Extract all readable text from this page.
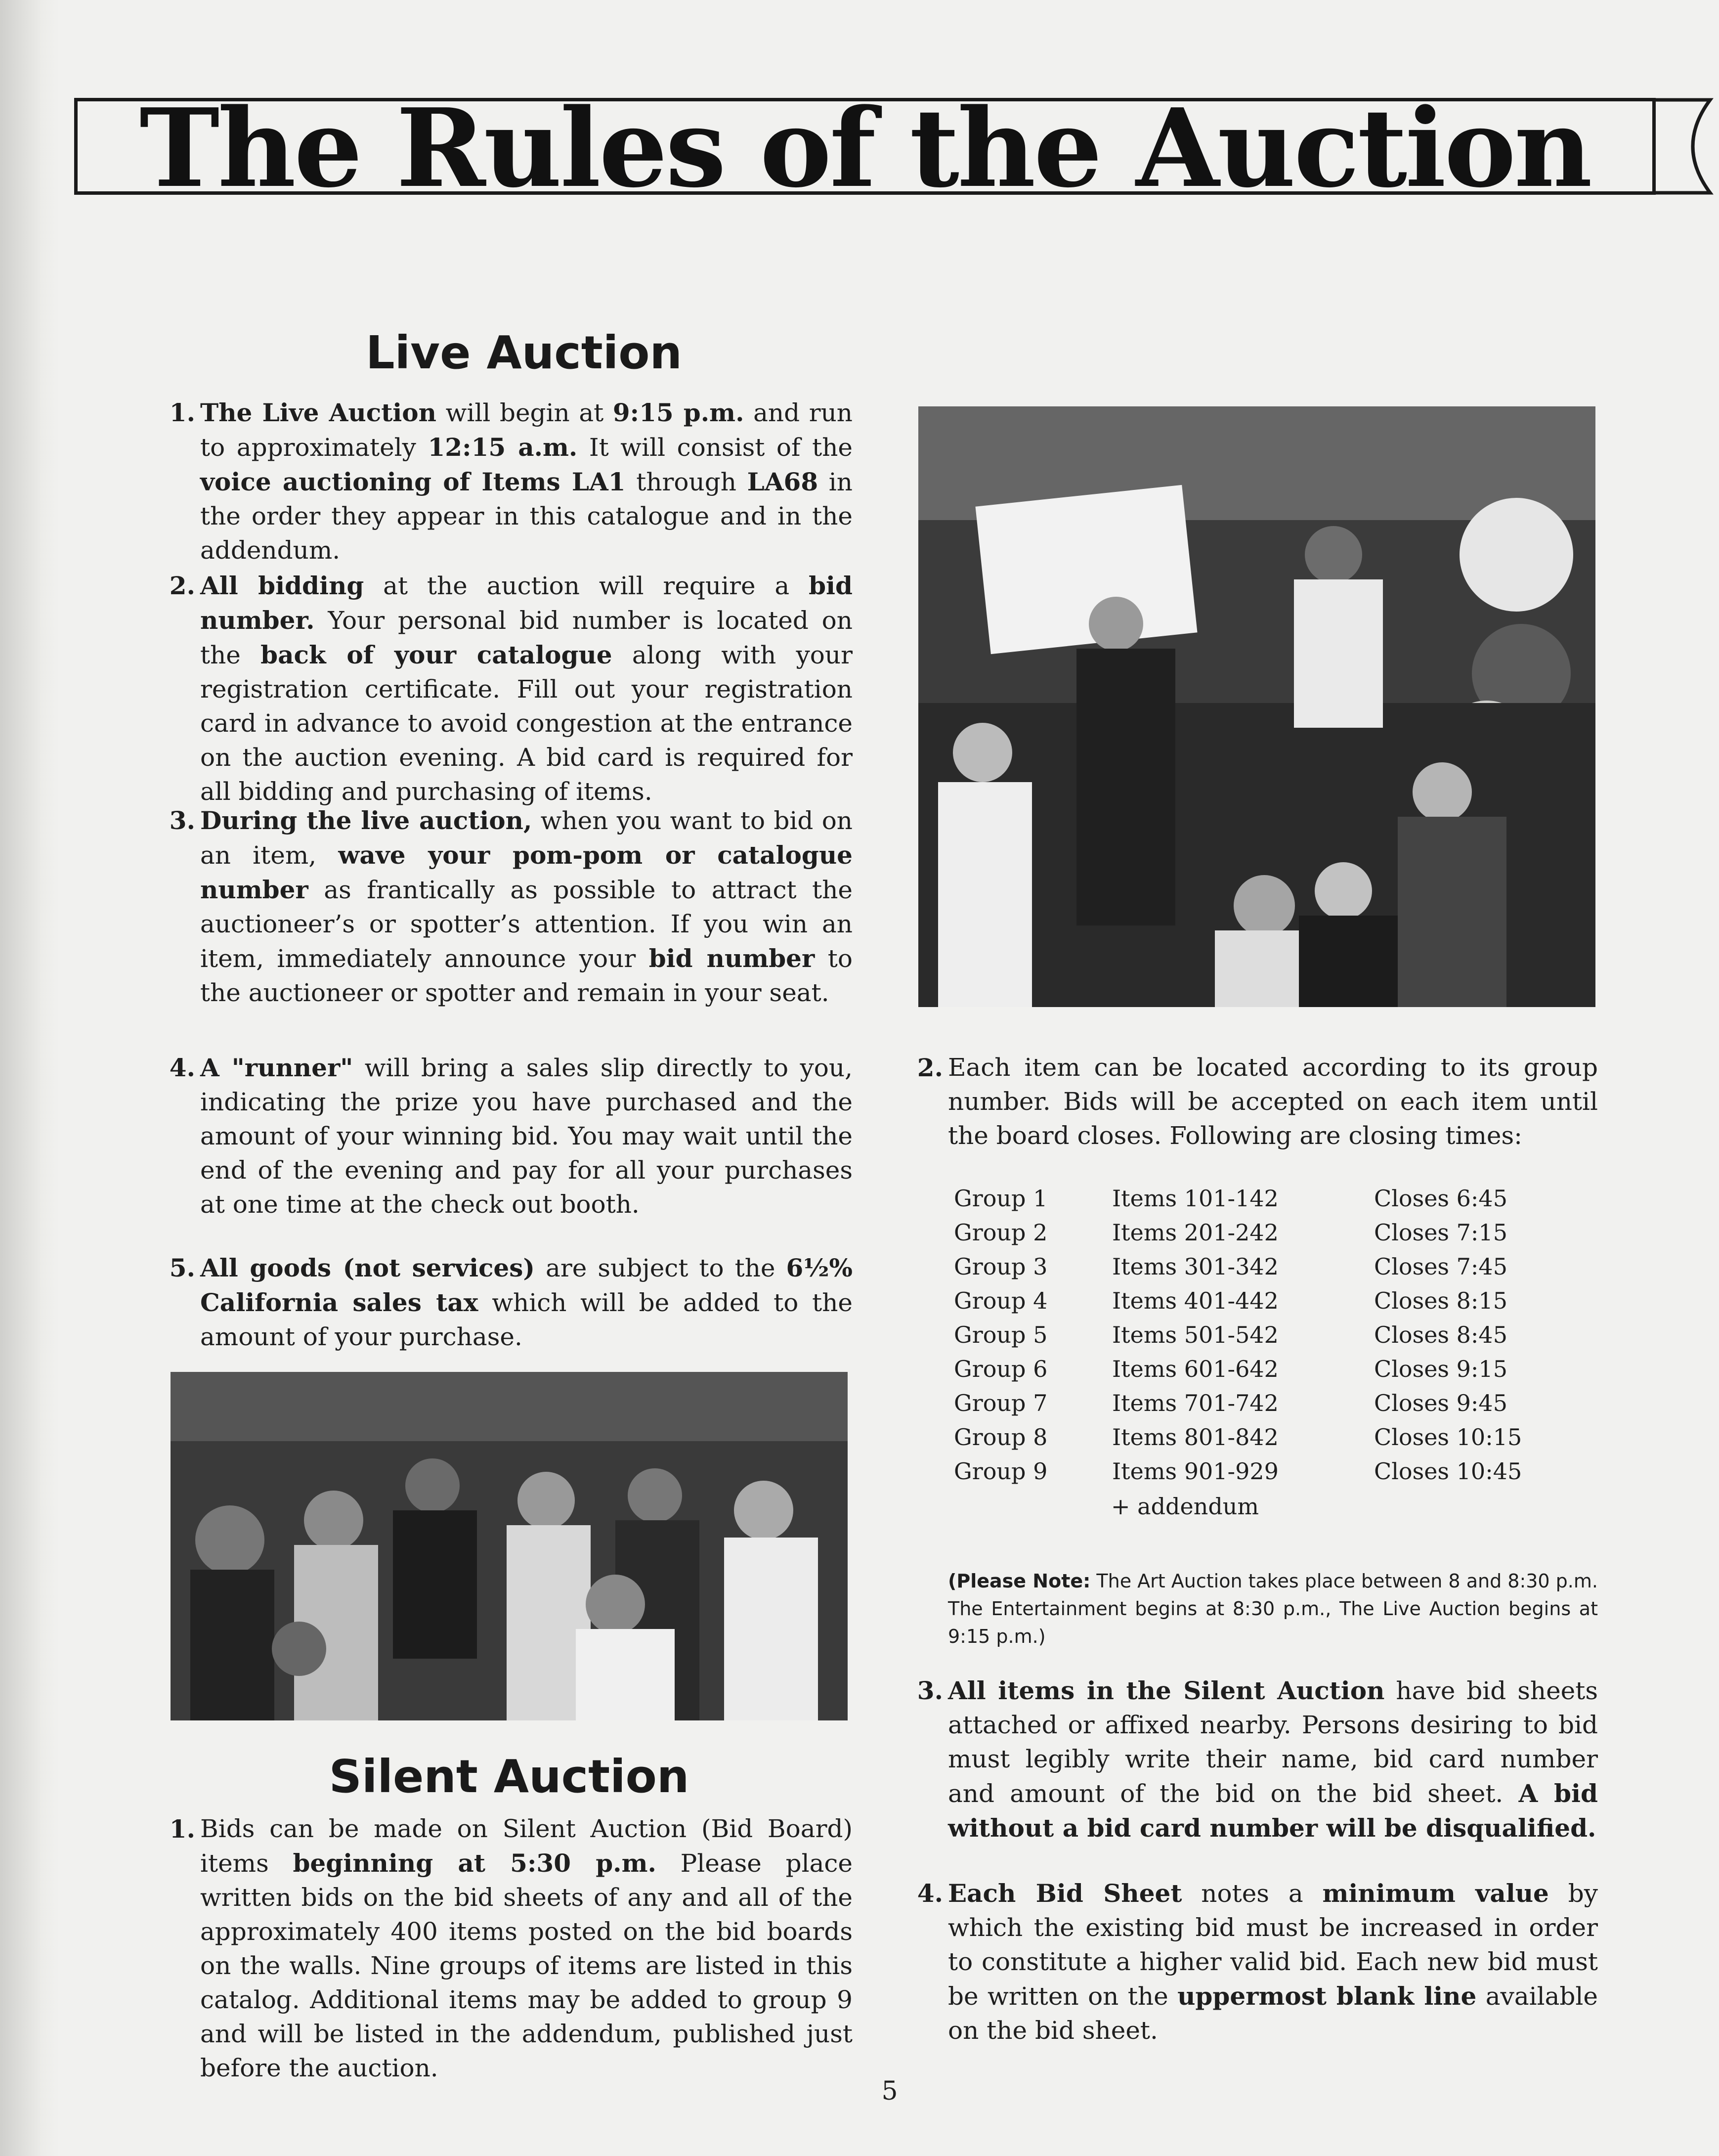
The Rules of the Auction
Live Auction
1. The Live Auction will begin at 9:15 p.m. and run to approximately 12:15 a.m. It will consist of the voice auctioning of Items LA1 through LA68 in the order they appear in this catalogue and in the addendum.
2. All bidding at the auction will require a bid number. Your personal bid number is located on the back of your catalogue along with your registration certificate. Fill out your registration card in advance to avoid congestion at the entrance on the auction evening. A bid card is required for all bidding and purchasing of items.
3. During the live auction, when you want to bid on an item, wave your pom-pom or catalogue number as frantically as possible to attract the auctioneer’s or spotter’s attention. If you win an item, immediately announce your bid number to the auctioneer or spotter and remain in your seat.
4. A "runner" will bring a sales slip directly to you, indicating the prize you have purchased and the amount of your winning bid. You may wait until the end of the evening and pay for all your purchases at one time at the check out booth.
5. All goods (not services) are subject to the 6½% California sales tax which will be added to the amount of your purchase.
Silent Auction
1. Bids can be made on Silent Auction (Bid Board) items beginning at 5:30 p.m. Please place written bids on the bid sheets of any and all of the approximately 400 items posted on the bid boards on the walls. Nine groups of items are listed in this catalog. Additional items may be added to group 9 and will be listed in the addendum, published just before the auction.
2. Each item can be located according to its group number. Bids will be accepted on each item until the board closes. Following are closing times:
Group 1	Items 101-142	Closes 6:45
Group 2	Items 201-242	Closes 7:15
Group 3	Items 301-342	Closes 7:45
Group 4	Items 401-442	Closes 8:15
Group 5	Items 501-542	Closes 8:45
Group 6	Items 601-642	Closes 9:15
Group 7	Items 701-742	Closes 9:45
Group 8	Items 801-842	Closes 10:15
Group 9	Items 901-929	Closes 10:45
+ addendum
(Please Note: The Art Auction takes place between 8 and 8:30 p.m. The Entertainment begins at 8:30 p.m., The Live Auction begins at 9:15 p.m.)
3. All items in the Silent Auction have bid sheets attached or affixed nearby. Persons desiring to bid must legibly write their name, bid card number and amount of the bid on the bid sheet. A bid without a bid card number will be disqualified.
4. Each Bid Sheet notes a minimum value by which the existing bid must be increased in order to constitute a higher valid bid. Each new bid must be written on the uppermost blank line available on the bid sheet.
5
